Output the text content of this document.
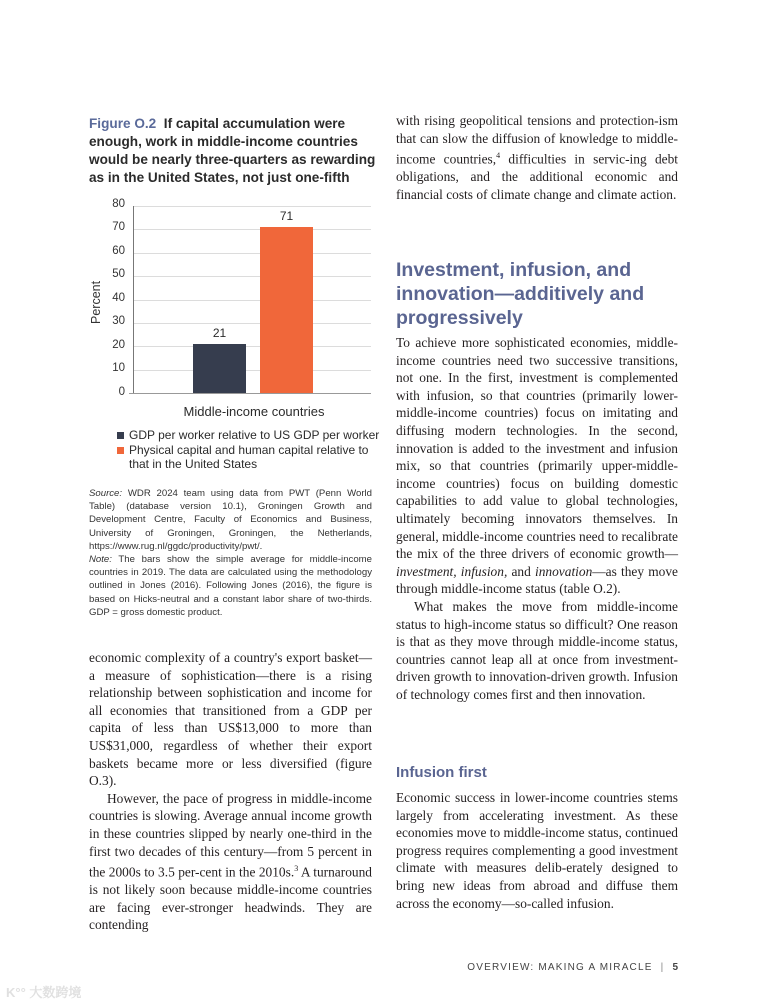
Figure O.2 If capital accumulation were enough, work in middle-income countries would be nearly three-quarters as rewarding as in the United States, not just one-fifth
Percent
80
70
60
50
40
30
20
10
0
21
71
Middle-income countries
GDP per worker relative to US GDP per worker
Physical capital and human capital relative to that in the United States

Source: WDR 2024 team using data from PWT (Penn World Table) (database version 10.1), Groningen Growth and Development Centre, Faculty of Economics and Business, University of Groningen, Groningen, the Netherlands, https://www.rug.nl/ggdc/productivity/pwt/.

Note: The bars show the simple average for middle-income countries in 2019. The data are calculated using the methodology outlined in Jones (2016). Following Jones (2016), the figure is based on Hicks-neutral and a constant labor share of two-thirds. GDP = gross domestic product.

economic complexity of a country's export basket—a measure of sophistication—there is a rising relationship between sophistication and income for all economies that transitioned from a GDP per capita of less than US$13,000 to more than US$31,000, regardless of whether their export baskets became more or less diversified (figure O.3).

However, the pace of progress in middle-income countries is slowing. Average annual income growth in these countries slipped by nearly one-third in the first two decades of this century—from 5 percent in the 2000s to 3.5 per-cent in the 2010s.$^3$ A turnaround is not likely soon because middle-income countries are facing ever-stronger headwinds. They are contending

with rising geopolitical tensions and protection-ism that can slow the diffusion of knowledge to middle-income countries,$^4$ difficulties in servic-ing debt obligations, and the additional economic and financial costs of climate change and climate action.

Investment, infusion, and innovation—additively and progressively

To achieve more sophisticated economies, middle-income countries need two successive transitions, not one. In the first, investment is complemented with infusion, so that countries (primarily lower-middle-income countries) focus on imitating and diffusing modern technologies. In the second, innovation is added to the investment and infusion mix, so that countries (primarily upper-middle-income countries) focus on building domestic capabilities to add value to global technologies, ultimately becoming innovators themselves. In general, middle-income countries need to recalibrate the mix of the three drivers of economic growth—investment, infusion, and innovation—as they move through middle-income status (table O.2).

What makes the move from middle-income status to high-income status so difficult? One reason is that as they move through middle-income status, countries cannot leap all at once from investment-driven growth to innovation-driven growth. Infusion of technology comes first and then innovation.

Infusion first

Economic success in lower-income countries stems largely from accelerating investment. As these economies move to middle-income status, continued progress requires complementing a good investment climate with measures delib-erately designed to bring new ideas from abroad and diffuse them across the economy—so-called infusion.

OVERVIEW: MAKING A MIRACLE | 5
K°° 大数跨境
